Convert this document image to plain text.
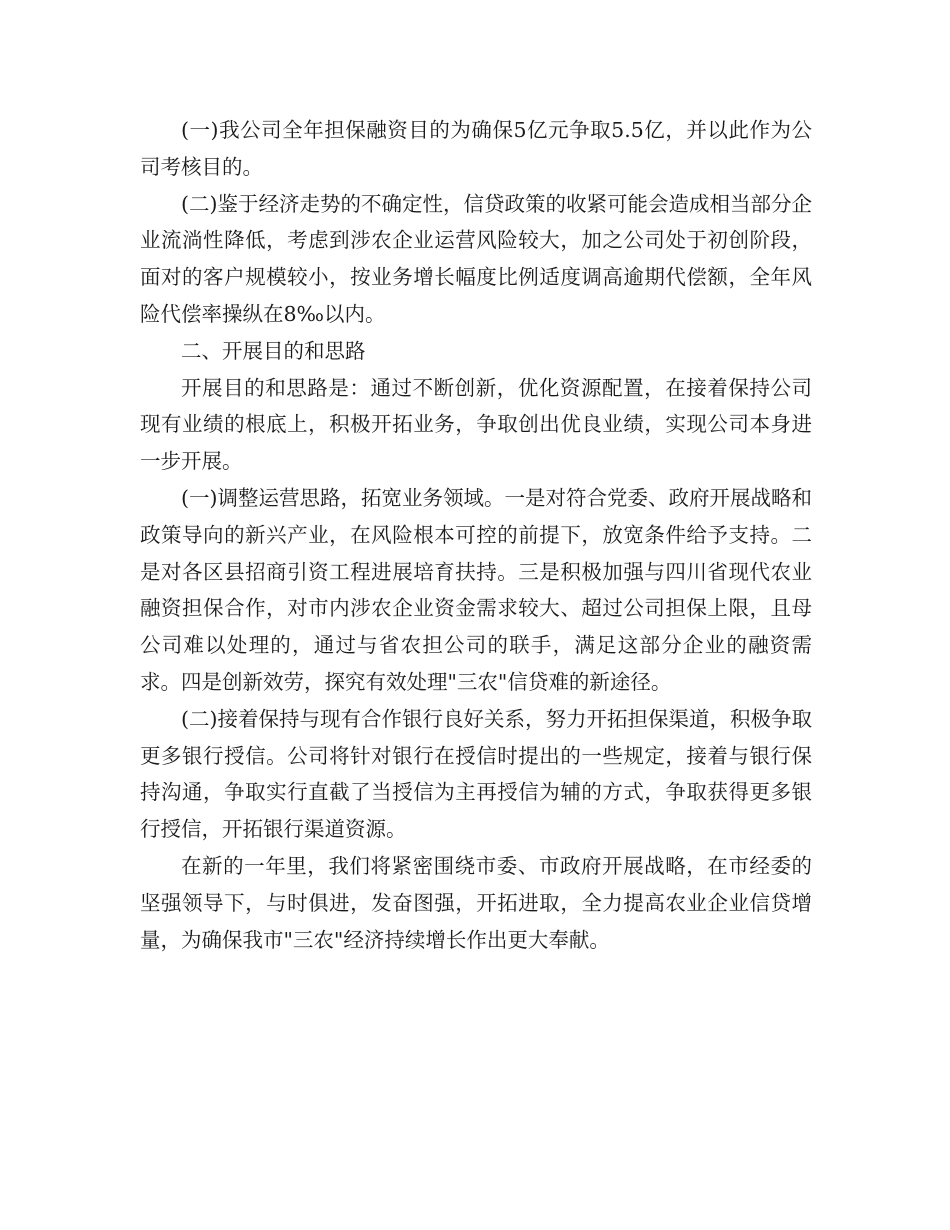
(一)我公司全年担保融资目的为确保5亿元争取5.5亿，并以此作为公司考核目的。

(二)鉴于经济走势的不确定性，信贷政策的收紧可能会造成相当部分企业流淌性降低，考虑到涉农企业运营风险较大，加之公司处于初创阶段，面对的客户规模较小，按业务增长幅度比例适度调高逾期代偿额，全年风险代偿率操纵在8‰以内。

二、开展目的和思路

开展目的和思路是：通过不断创新，优化资源配置，在接着保持公司现有业绩的根底上，积极开拓业务，争取创出优良业绩，实现公司本身进一步开展。

(一)调整运营思路，拓宽业务领域。一是对符合党委、政府开展战略和政策导向的新兴产业，在风险根本可控的前提下，放宽条件给予支持。二是对各区县招商引资工程进展培育扶持。三是积极加强与四川省现代农业融资担保合作，对市内涉农企业资金需求较大、超过公司担保上限，且母公司难以处理的，通过与省农担公司的联手，满足这部分企业的融资需求。四是创新效劳，探究有效处理"三农"信贷难的新途径。

(二)接着保持与现有合作银行良好关系，努力开拓担保渠道，积极争取更多银行授信。公司将针对银行在授信时提出的一些规定，接着与银行保持沟通，争取实行直截了当授信为主再授信为辅的方式，争取获得更多银行授信，开拓银行渠道资源。

在新的一年里，我们将紧密围绕市委、市政府开展战略，在市经委的坚强领导下，与时俱进，发奋图强，开拓进取，全力提高农业企业信贷增量，为确保我市"三农"经济持续增长作出更大奉献。
